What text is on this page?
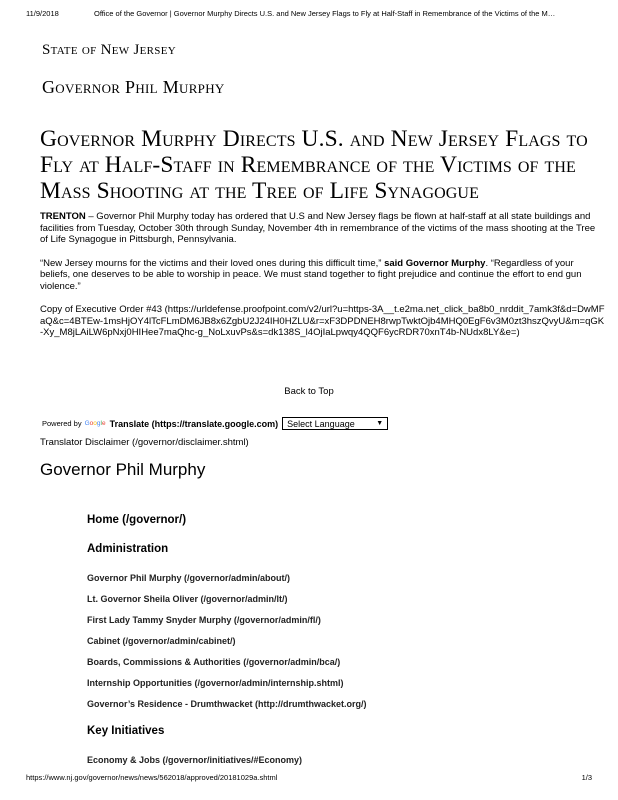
11/9/2018	Office of the Governor | Governor Murphy Directs U.S. and New Jersey Flags to Fly at Half-Staff in Remembrance of the Victims of the M…
State of New Jersey
Governor Phil Murphy
Governor Murphy Directs U.S. and New Jersey Flags to Fly at Half-Staff in Remembrance of the Victims of the Mass Shooting at the Tree of Life Synagogue

TRENTON – Governor Phil Murphy today has ordered that U.S and New Jersey flags be flown at half-staff at all state buildings and facilities from Tuesday, October 30th through Sunday, November 4th in remembrance of the victims of the mass shooting at the Tree of Life Synagogue in Pittsburgh, Pennsylvania.

“New Jersey mourns for the victims and their loved ones during this difficult time,” said Governor Murphy. “Regardless of your beliefs, one deserves to be able to worship in peace. We must stand together to fight prejudice and continue the effort to end gun violence.”

Copy of Executive Order #43 (https://urldefense.proofpoint.com/v2/url?u=https-3A__t.e2ma.net_click_ba8b0_nrddit_7amk3f&d=DwMFaQ&c=4BTEw-1msHjOY4lTcFLmDM6JB8x6ZgbU2J24IH0HZLU&r=xF3DPDNEH8rwpTwktOjb4MHQ0EgF6v3M0zt3hszQvyU&m=qGK-Xy_M8jLAiLW6pNxj0HIHee7maQhc-g_NoLxuvPs&s=dk138S_l4OjIaLpwqy4QQF6ycRDR70xnT4b-NUdx8LY&e=)

Back to Top
Powered by Google Translate (https://translate.google.com) Select Language	▼
Translator Disclaimer (/governor/disclaimer.shtml)
Governor Phil Murphy
Home (/governor/)
Administration
Governor Phil Murphy (/governor/admin/about/)
Lt. Governor Sheila Oliver (/governor/admin/lt/)
First Lady Tammy Snyder Murphy (/governor/admin/fl/)
Cabinet (/governor/admin/cabinet/)
Boards, Commissions & Authorities (/governor/admin/bca/)
Internship Opportunities (/governor/admin/internship.shtml)
Governor’s Residence - Drumthwacket (http://drumthwacket.org/)
Key Initiatives
Economy & Jobs (/governor/initiatives/#Economy)
https://www.nj.gov/governor/news/news/562018/approved/20181029a.shtml	1/3
